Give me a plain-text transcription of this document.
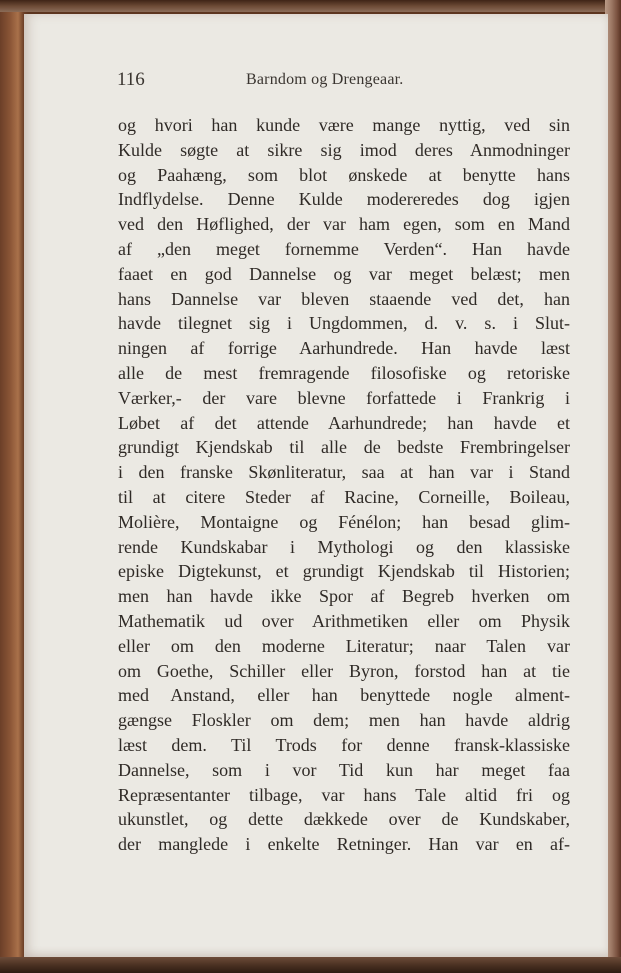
116	Barndom og Drengeaar.
og hvori han kunde være mange nyttig, ved sin
Kulde søgte at sikre sig imod deres Anmodninger
og Paahæng, som blot ønskede at benytte hans
Indflydelse. Denne Kulde modereredes dog igjen
ved den Høflighed, der var ham egen, som en Mand
af „den meget fornemme Verden“. Han havde
faaet en god Dannelse og var meget belæst; men
hans Dannelse var bleven staaende ved det, han
havde tilegnet sig i Ungdommen, d. v. s. i Slut-
ningen af forrige Aarhundrede. Han havde læst
alle de mest fremragende filosofiske og retoriske
Værker,- der vare blevne forfattede i Frankrig i
Løbet af det attende Aarhundrede; han havde et
grundigt Kjendskab til alle de bedste Frembringelser
i den franske Skønliteratur, saa at han var i Stand
til at citere Steder af Racine, Corneille, Boileau,
Molière, Montaigne og Fénélon; han besad glim-
rende Kundskabar i Mythologi og den klassiske
episke Digtekunst, et grundigt Kjendskab til Historien;
men han havde ikke Spor af Begreb hverken om
Mathematik ud over Arithmetiken eller om Physik
eller om den moderne Literatur; naar Talen var
om Goethe, Schiller eller Byron, forstod han at tie
med Anstand, eller han benyttede nogle alment-
gængse Floskler om dem; men han havde aldrig
læst dem. Til Trods for denne fransk-klassiske
Dannelse, som i vor Tid kun har meget faa
Repræsentanter tilbage, var hans Tale altid fri og
ukunstlet, og dette dækkede over de Kundskaber,
der manglede i enkelte Retninger. Han var en af-
